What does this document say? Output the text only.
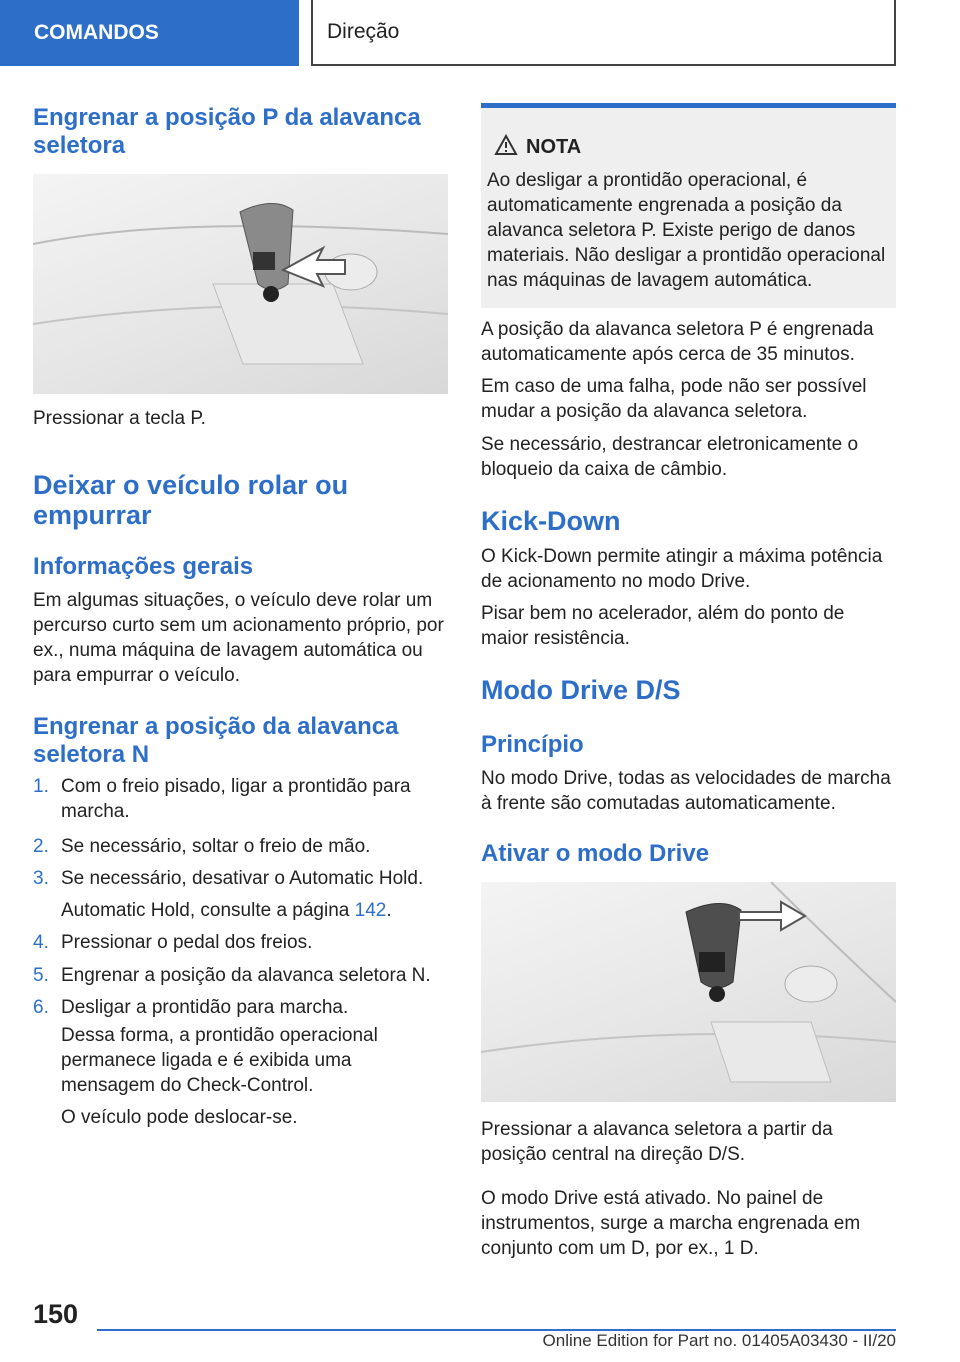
COMANDOS	Direção
Engrenar a posição P da alavanca seletora

Pressionar a tecla P.

Deixar o veículo rolar ou empurrar
Informações gerais

Em algumas situações, o veículo deve rolar um percurso curto sem um acionamento próprio, por ex., numa máquina de lavagem automática ou para empurrar o veículo.

Engrenar a posição da alavanca seletora N
1. Com o freio pisado, ligar a prontidão para marcha.
2. Se necessário, soltar o freio de mão.
3. Se necessário, desativar o Automatic Hold.
Automatic Hold, consulte a página 142.
4. Pressionar o pedal dos freios.
5. Engrenar a posição da alavanca seletora N.
6. Desligar a prontidão para marcha.
Dessa forma, a prontidão operacional permanece ligada e é exibida uma mensagem do Check-Control.
O veículo pode deslocar-se.
NOTA
Ao desligar a prontidão operacional, é automaticamente engrenada a posição da alavanca seletora P. Existe perigo de danos materiais. Não desligar a prontidão operacional nas máquinas de lavagem automática.

A posição da alavanca seletora P é engrenada automaticamente após cerca de 35 minutos.

Em caso de uma falha, pode não ser possível mudar a posição da alavanca seletora.

Se necessário, destrancar eletronicamente o bloqueio da caixa de câmbio.

Kick-Down

O Kick-Down permite atingir a máxima potência de acionamento no modo Drive.

Pisar bem no acelerador, além do ponto de maior resistência.

Modo Drive D/S
Princípio

No modo Drive, todas as velocidades de marcha à frente são comutadas automaticamente.

Ativar o modo Drive

Pressionar a alavanca seletora a partir da posição central na direção D/S.

O modo Drive está ativado. No painel de instrumentos, surge a marcha engrenada em conjunto com um D, por ex., 1 D.

150
Online Edition for Part no. 01405A03430 - II/20
